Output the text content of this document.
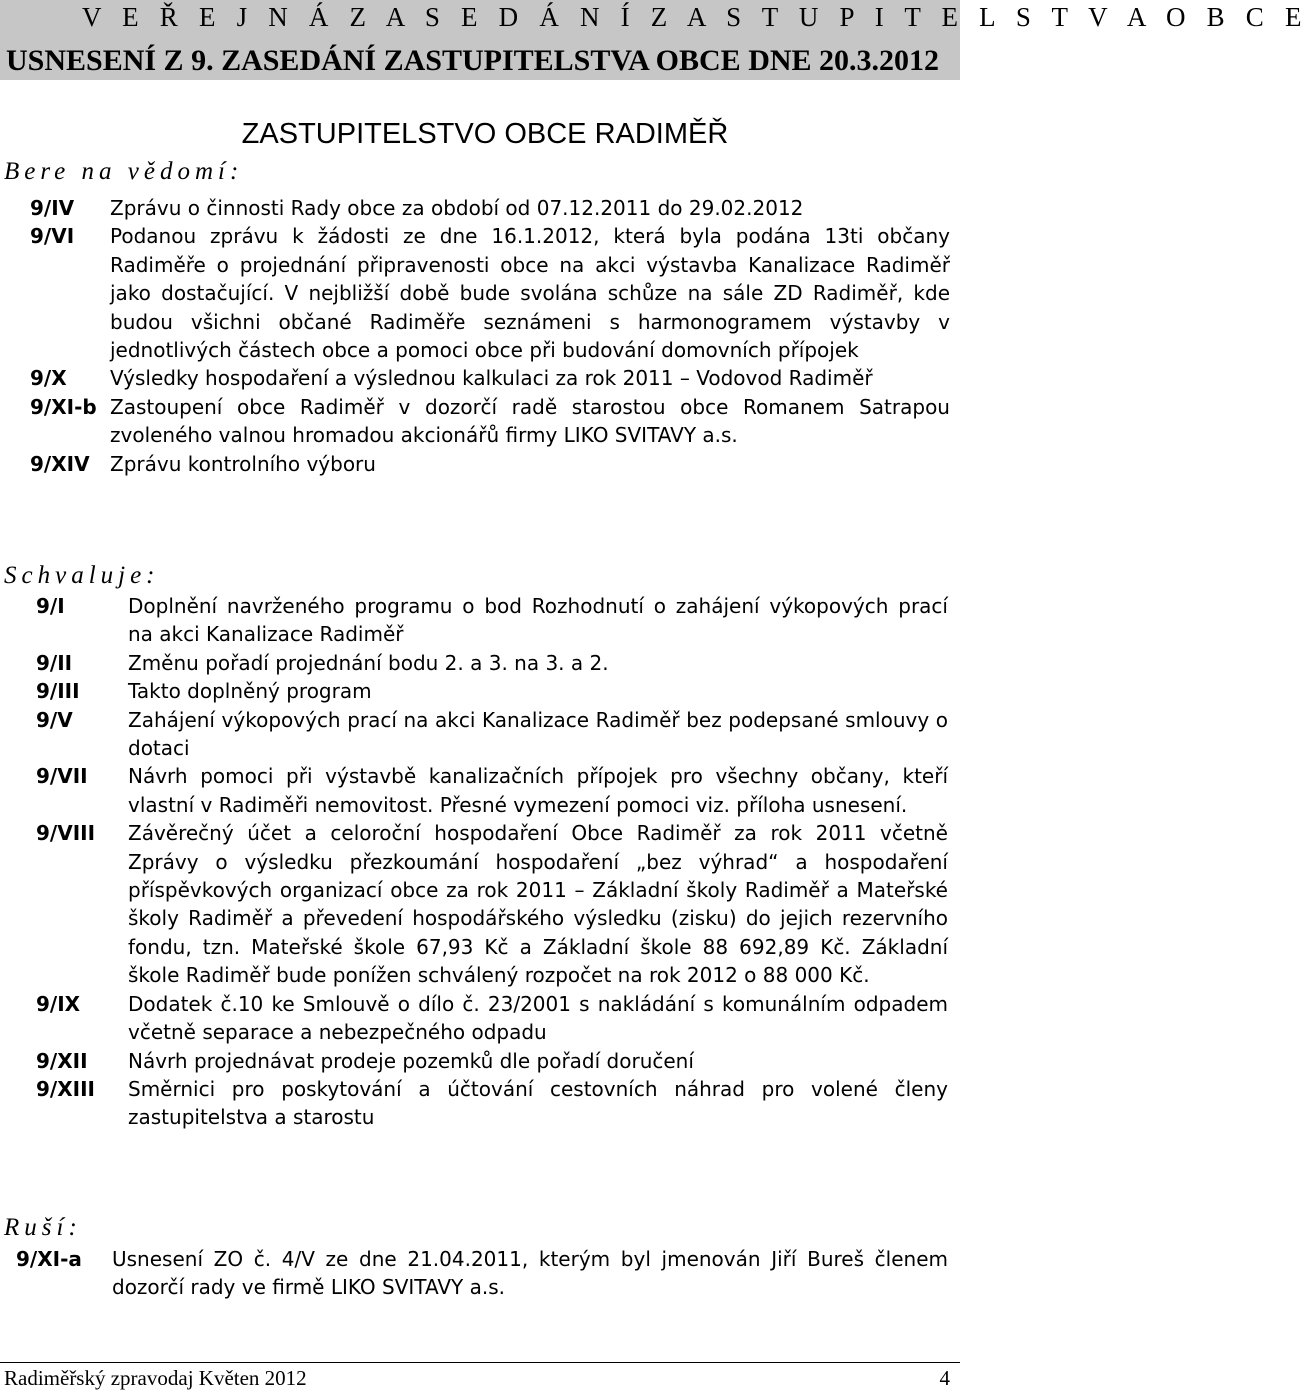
V E Ř E J N Á Z A S E D Á N Í Z A S T U P I T E L S T V A O B C E
USNESENÍ Z 9. ZASEDÁNÍ ZASTUPITELSTVA OBCE DNE 20.3.2012
ZASTUPITELSTVO OBCE RADIMĚŘ
Bere na vědomí:
9/IV Zprávu o činnosti Rady obce za období od 07.12.2011 do 29.02.2012
9/VI Podanou zprávu k žádosti ze dne 16.1.2012, která byla podána 13ti občany Radiměře o projednání připravenosti obce na akci výstavba Kanalizace Radiměř jako dostačující. V nejbližší době bude svolána schůze na sále ZD Radiměř, kde budou všichni občané Radiměře seznámeni s harmonogramem výstavby v jednotlivých částech obce a pomoci obce při budování domovních přípojek
9/X Výsledky hospodaření a výslednou kalkulaci za rok 2011 – Vodovod Radiměř
9/XI-b Zastoupení obce Radiměř v dozorčí radě starostou obce Romanem Satrapou zvoleného valnou hromadou akcionářů firmy LIKO SVITAVY a.s.
9/XIV Zprávu kontrolního výboru
Schvaluje:
9/I	Doplnění navrženého programu o bod Rozhodnutí o zahájení výkopových prací na akci Kanalizace Radiměř
9/II	Změnu pořadí projednání bodu 2. a 3. na 3. a 2.
9/III Takto doplněný program
9/V	Zahájení výkopových prací na akci Kanalizace Radiměř bez podepsané smlouvy o dotaci
9/VII Návrh pomoci při výstavbě kanalizačních přípojek pro všechny občany, kteří vlastní v Radiměři nemovitost. Přesné vymezení pomoci viz. příloha usnesení.
9/VIII Závěrečný účet a celoroční hospodaření Obce Radiměř za rok 2011 včetně Zprávy o výsledku přezkoumání hospodaření „bez výhrad“ a hospodaření příspěvkových organizací obce za rok 2011 – Základní školy Radiměř a Mateřské školy Radiměř a převedení hospodářského výsledku (zisku) do jejich rezervního fondu, tzn. Mateřské škole 67,93 Kč a Základní škole 88 692,89 Kč. Základní škole Radiměř bude ponížen schválený rozpočet na rok 2012 o 88 000 Kč.
9/IX Dodatek č.10 ke Smlouvě o dílo č. 23/2001 s nakládání s komunálním odpadem včetně separace a nebezpečného odpadu
9/XII Návrh projednávat prodeje pozemků dle pořadí doručení
9/XIII Směrnici pro poskytování a účtování cestovních náhrad pro volené členy zastupitelstva a starostu
Ruší:
9/XI-a Usnesení ZO č. 4/V ze dne 21.04.2011, kterým byl jmenován Jiří Bureš členem dozorčí rady ve firmě LIKO SVITAVY a.s.
Radiměřský zpravodaj Květen 2012	4
